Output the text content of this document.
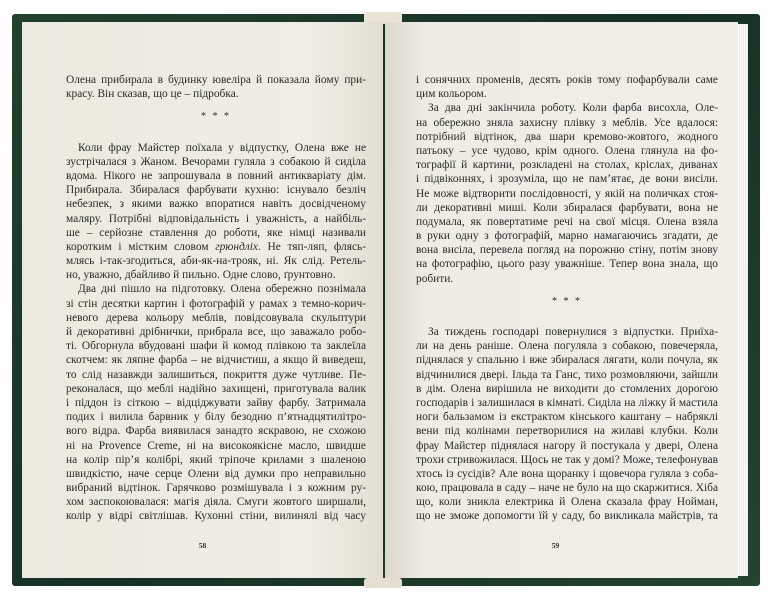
Олена прибирала в будинку ювеліра й показала йому при-
красу. Він сказав, що це – підробка.
* * *
Коли фрау Майстер поїхала у відпустку, Олена вже не
зустрічалася з Жаном. Вечорами гуляла з собакою й сиділа
вдома. Нікого не запрошувала в повний антикваріату дім.
Прибирала. Збиралася фарбувати кухню: існувало безліч
небезпек, з якими важко впоратися навіть досвідченому
маляру. Потрібні відповідальність і уважність, а найбіль-
ше – серйозне ставлення до роботи, яке німці називали
коротким і містким словом грюндліх. Не тяп-ляп, флясь-
млясь і-так-згодиться, аби-як-на-трояк, ні. Як слід. Ретель-
но, уважно, дбайливо й пильно. Одне слово, ґрунтовно.
Два дні пішло на підготовку. Олена обережно познімала
зі стін десятки картин і фотографій у рамах з темно-корич-
невого дерева кольору меблів, повідсовувала скульптури
й декоративні дрібнички, прибрала все, що заважало робо-
ті. Обгорнула вбудовані шафи й комод плівкою та заклеїла
скотчем: як ляпне фарба – не відчистиш, а якщо й виведеш,
то слід назавжди залишиться, покриття дуже чутливе. Пе-
реконалася, що меблі надійно захищені, приготувала валик
і піддон із сіткою – відціджувати зайву фарбу. Затримала
подих і вилила барвник у білу безодню п’ятнадцятилітро-
вого відра. Фарба виявилася занадто яскравою, не схожою
ні на Provence Creme, ні на високоякісне масло, швидше
на колір пір’я колібрі, який тріпоче крилами з шаленою
швидкістю, наче серце Олени від думки про неправильно
вибраний відтінок. Гарячково розмішувала і з кожним ру-
хом заспокоювалася: магія діяла. Смуги жовтого ширшали,
колір у відрі світлішав. Кухонні стіни, вилинялі від часу
58
і сонячних променів, десять років тому пофарбували саме
цим кольором.
За два дні закінчила роботу. Коли фарба висохла, Оле-
на обережно зняла захисну плівку з меблів. Усе вдалося:
потрібний відтінок, два шари кремово-жовтого, жодного
патьоку – усе чудово, крім одного. Олена глянула на фо-
тографії й картини, розкладені на столах, кріслах, диванах
і підвіконнях, і зрозуміла, що не пам’ятає, де вони висіли.
Не може відтворити послідовності, у якій на поличках стоя-
ли декоративні миші. Коли збиралася фарбувати, вона не
подумала, як повертатиме речі на свої місця. Олена взяла
в руки одну з фотографій, марно намагаючись згадати, де
вона висіла, перевела погляд на порожню стіну, потім знову
на фотографію, цього разу уважніше. Тепер вона знала, що
робити.
* * *
За тиждень господарі повернулися з відпустки. Приїха-
ли на день раніше. Олена погуляла з собакою, повечеряла,
піднялася у спальню і вже збиралася лягати, коли почула, як
відчинилися двері. Ільда та Ганс, тихо розмовляючи, зайшли
в дім. Олена вирішила не виходити до стомлених дорогою
господарів і залишилася в кімнаті. Сиділа на ліжку й мастила
ноги бальзамом із екстрактом кінського каштану – набряклі
вени під колінами перетворилися на жилаві клубки. Коли
фрау Майстер піднялася нагору й постукала у двері, Олена
трохи стривожилася. Щось не так у домі? Може, телефонував
хтось із сусідів? Але вона щоранку і щовечора гуляла з соба-
кою, працювала в саду – наче не було на що скаржитися. Хіба
що, коли зникла електрика й Олена сказала фрау Нойман,
що не зможе допомогти їй у саду, бо викликала майстрів, та
59
